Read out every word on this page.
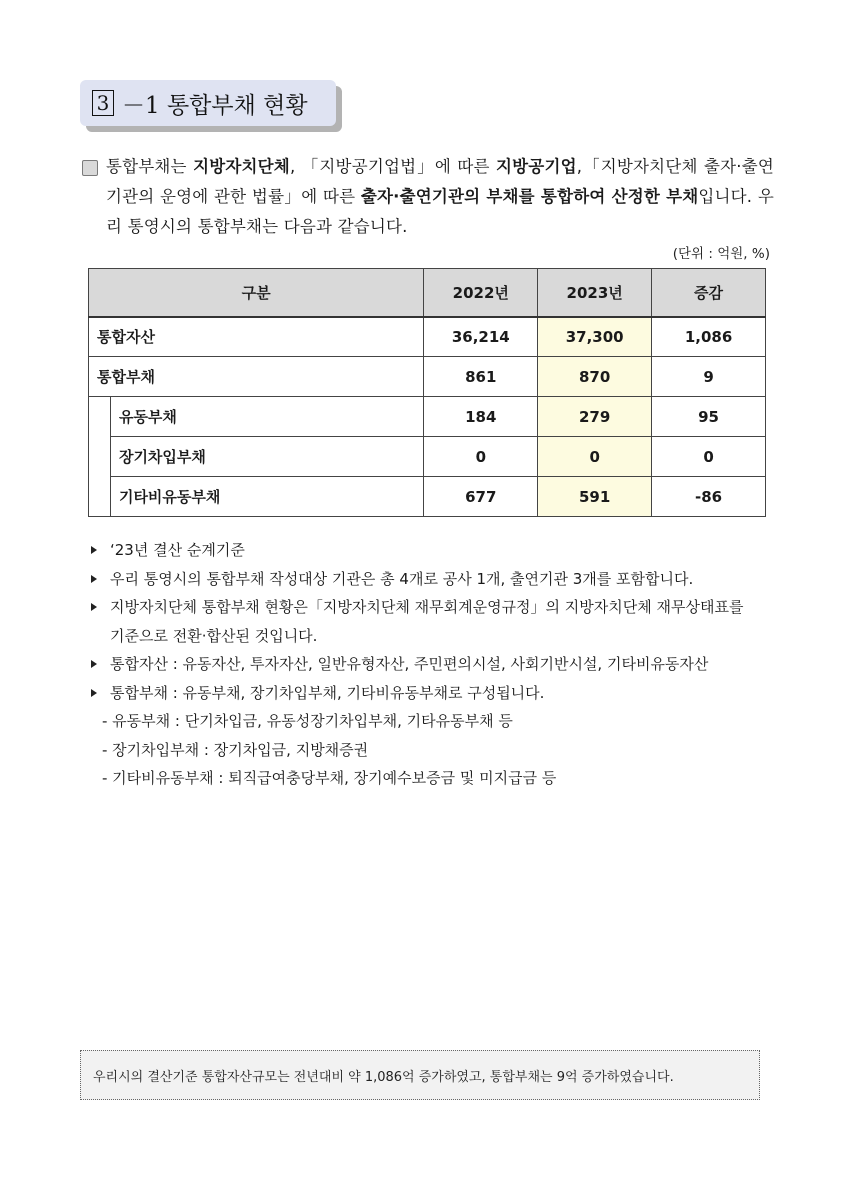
3 －1 통합부채 현황
통합부채는 지방자치단체, 「지방공기업법」에 따른 지방공기업,「지방자치단체 출자·출연 기관의 운영에 관한 법률」에 따른 출자·출연기관의 부채를 통합하여 산정한 부채입니다. 우리 통영시의 통합부채는 다음과 같습니다.
(단위 : 억원, %)
구분		2022년	2023년	증감
통합자산		36,214	37,300	1,086
통합부채		861	870	9
	유동부채	184	279	95
	장기차입부채	0	0	0
	기타비유동부채	677	591	-86
‘23년 결산 순계기준
우리 통영시의 통합부채 작성대상 기관은 총 4개로 공사 1개, 출연기관 3개를 포함합니다.
지방자치단체 통합부채 현황은「지방자치단체 재무회계운영규정」의 지방자치단체 재무상태표를
기준으로 전환·합산된 것입니다.
통합자산 : 유동자산, 투자자산, 일반유형자산, 주민편의시설, 사회기반시설, 기타비유동자산
통합부채 : 유동부채, 장기차입부채, 기타비유동부채로 구성됩니다.
- 유동부채 : 단기차입금, 유동성장기차입부채, 기타유동부채 등
- 장기차입부채 : 장기차입금, 지방채증권
- 기타비유동부채 : 퇴직급여충당부채, 장기예수보증금 및 미지급금 등
우리시의 결산기준 통합자산규모는 전년대비 약 1,086억 증가하였고, 통합부채는 9억 증가하였습니다.
